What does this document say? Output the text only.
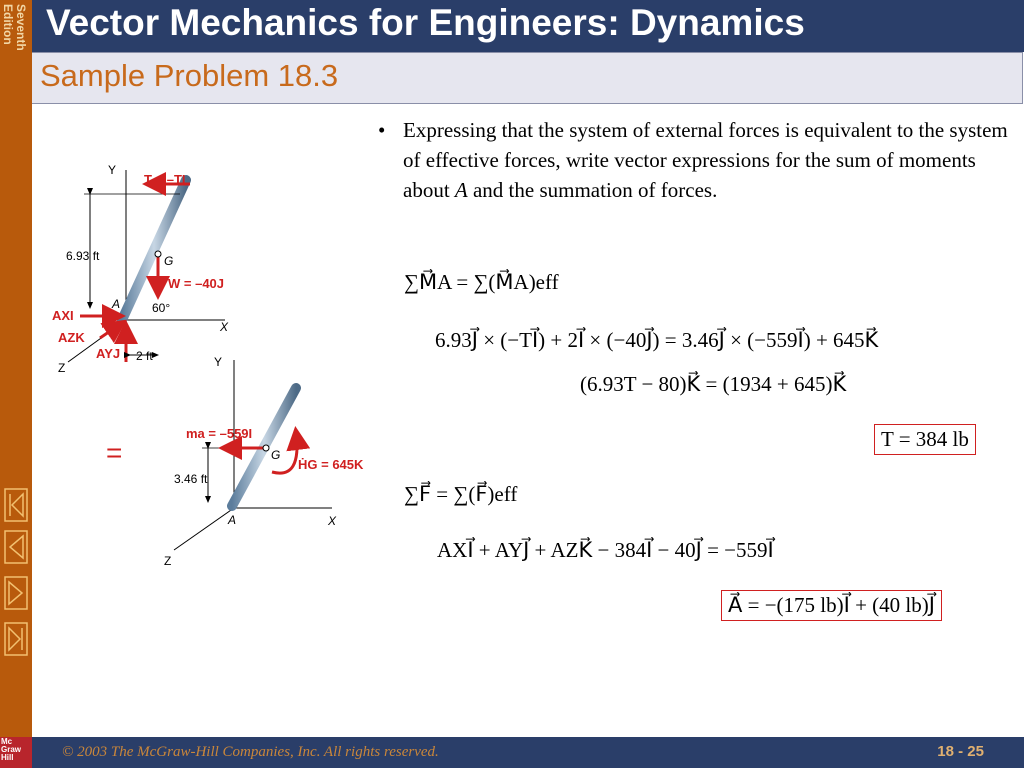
Seventh
Edition Vector Mechanics for Engineers: Dynamics
Sample Problem 18.3
Y
X
Z
6.93 ft
T = –TI
G
W = –40J
A	60°
AXI
AZK
AYJ 2 ft
=
Y
X
Z
3.46 ft
ma = –559I
G
ḢG = 645K
A
• Expressing that the system of external forces is equivalent to the system of effective forces, write vector expressions for the sum of moments about A and the summation of forces.
∑M⃗A = ∑(M⃗A)eff
6.93J⃗ × (−TI⃗) + 2I⃗ × (−40J⃗) = 3.46J⃗ × (−559I⃗) + 645K⃗
(6.93T − 80)K⃗ = (1934 + 645)K⃗
T = 384 lb
∑F⃗ = ∑(F⃗)eff
AXI⃗ + AYJ⃗ + AZK⃗ − 384I⃗ − 40J⃗ = −559I⃗
A⃗ = −(175 lb)I⃗ + (40 lb)J⃗
© 2003 The McGraw-Hill Companies, Inc. All rights reserved.	18 - 25
Mc
Graw
Hill
